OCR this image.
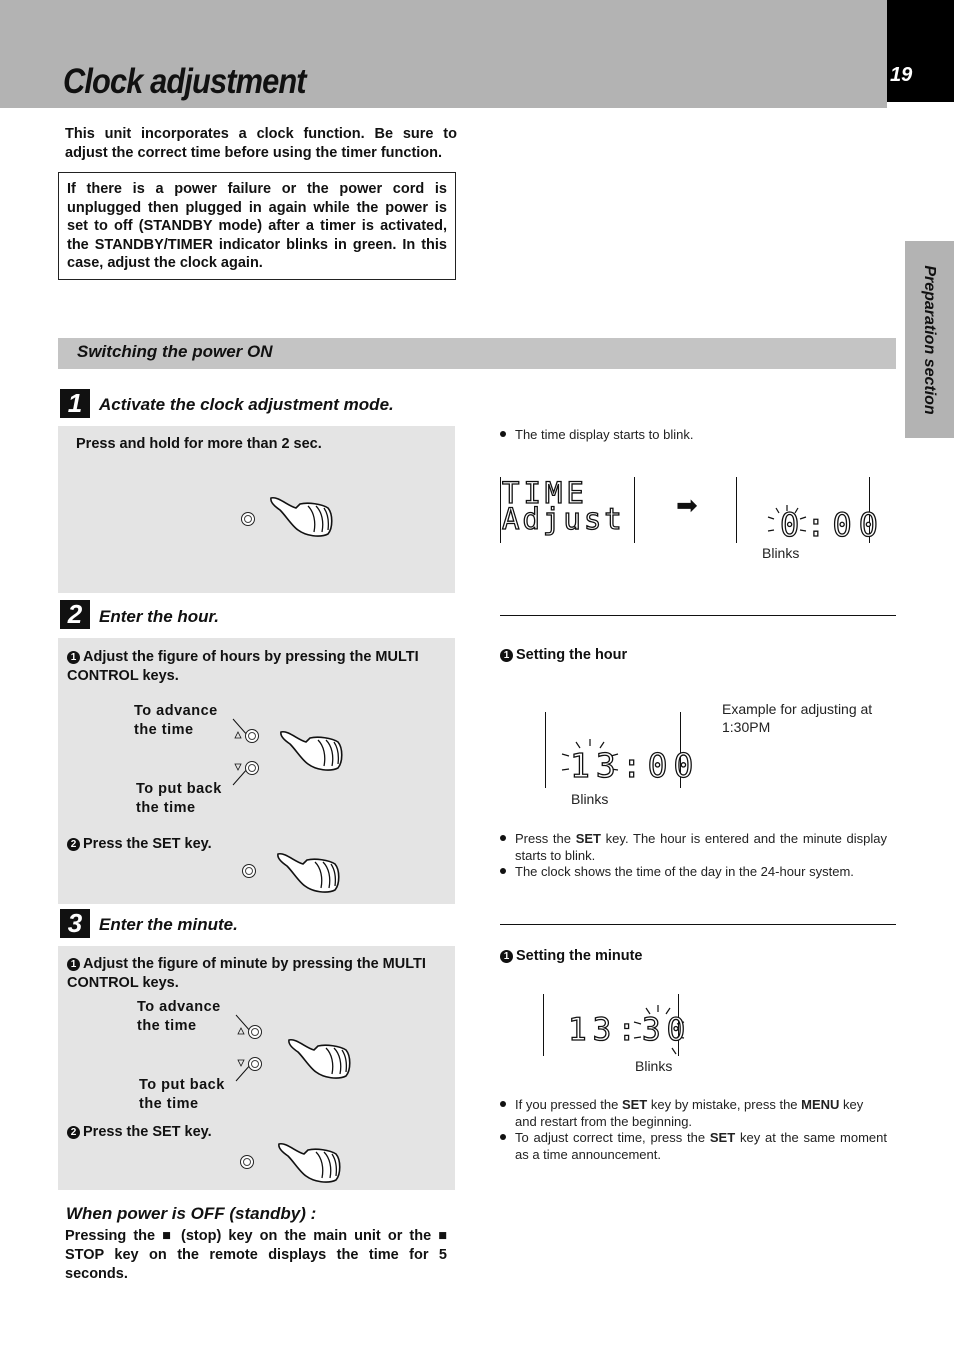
Clock adjustment	19
Preparation section
This unit incorporates a clock function. Be sure to adjust the correct time before using the timer function.
If there is a power failure or the power cord is unplugged then plugged in again while the power is set to off (STANDBY mode) after a timer is activated, the STANDBY/TIMER indicator blinks in green. In this case, adjust the clock again.
Switching the power ON
1 Activate the clock adjustment mode.
Press and hold for more than 2 sec.
2 Enter the hour.
1 Adjust the figure of hours by pressing the MULTI CONTROL keys.
To advance the time
To put back the time
2 Press the SET key.
3 Enter the minute.
1 Adjust the figure of minute by pressing the MULTI CONTROL keys.
To advance the time
To put back the time
2 Press the SET key.
When power is OFF (standby) :
Pressing the ■ (stop) key on the main unit or the ■ STOP key on the remote displays the time for 5 seconds.
The time display starts to blink.
TIME
Adjust ➡
0:00
Blinks
1 Setting the hour
Example for adjusting at 1:30PM
13:00
Blinks
Press the SET key. The hour is entered and the minute display starts to blink.
The clock shows the time of the day in the 24-hour system.
1 Setting the minute
13:30
Blinks
If you pressed the SET key by mistake, press the MENU key and restart from the beginning.
To adjust correct time, press the SET key at the same moment as a time announcement.
